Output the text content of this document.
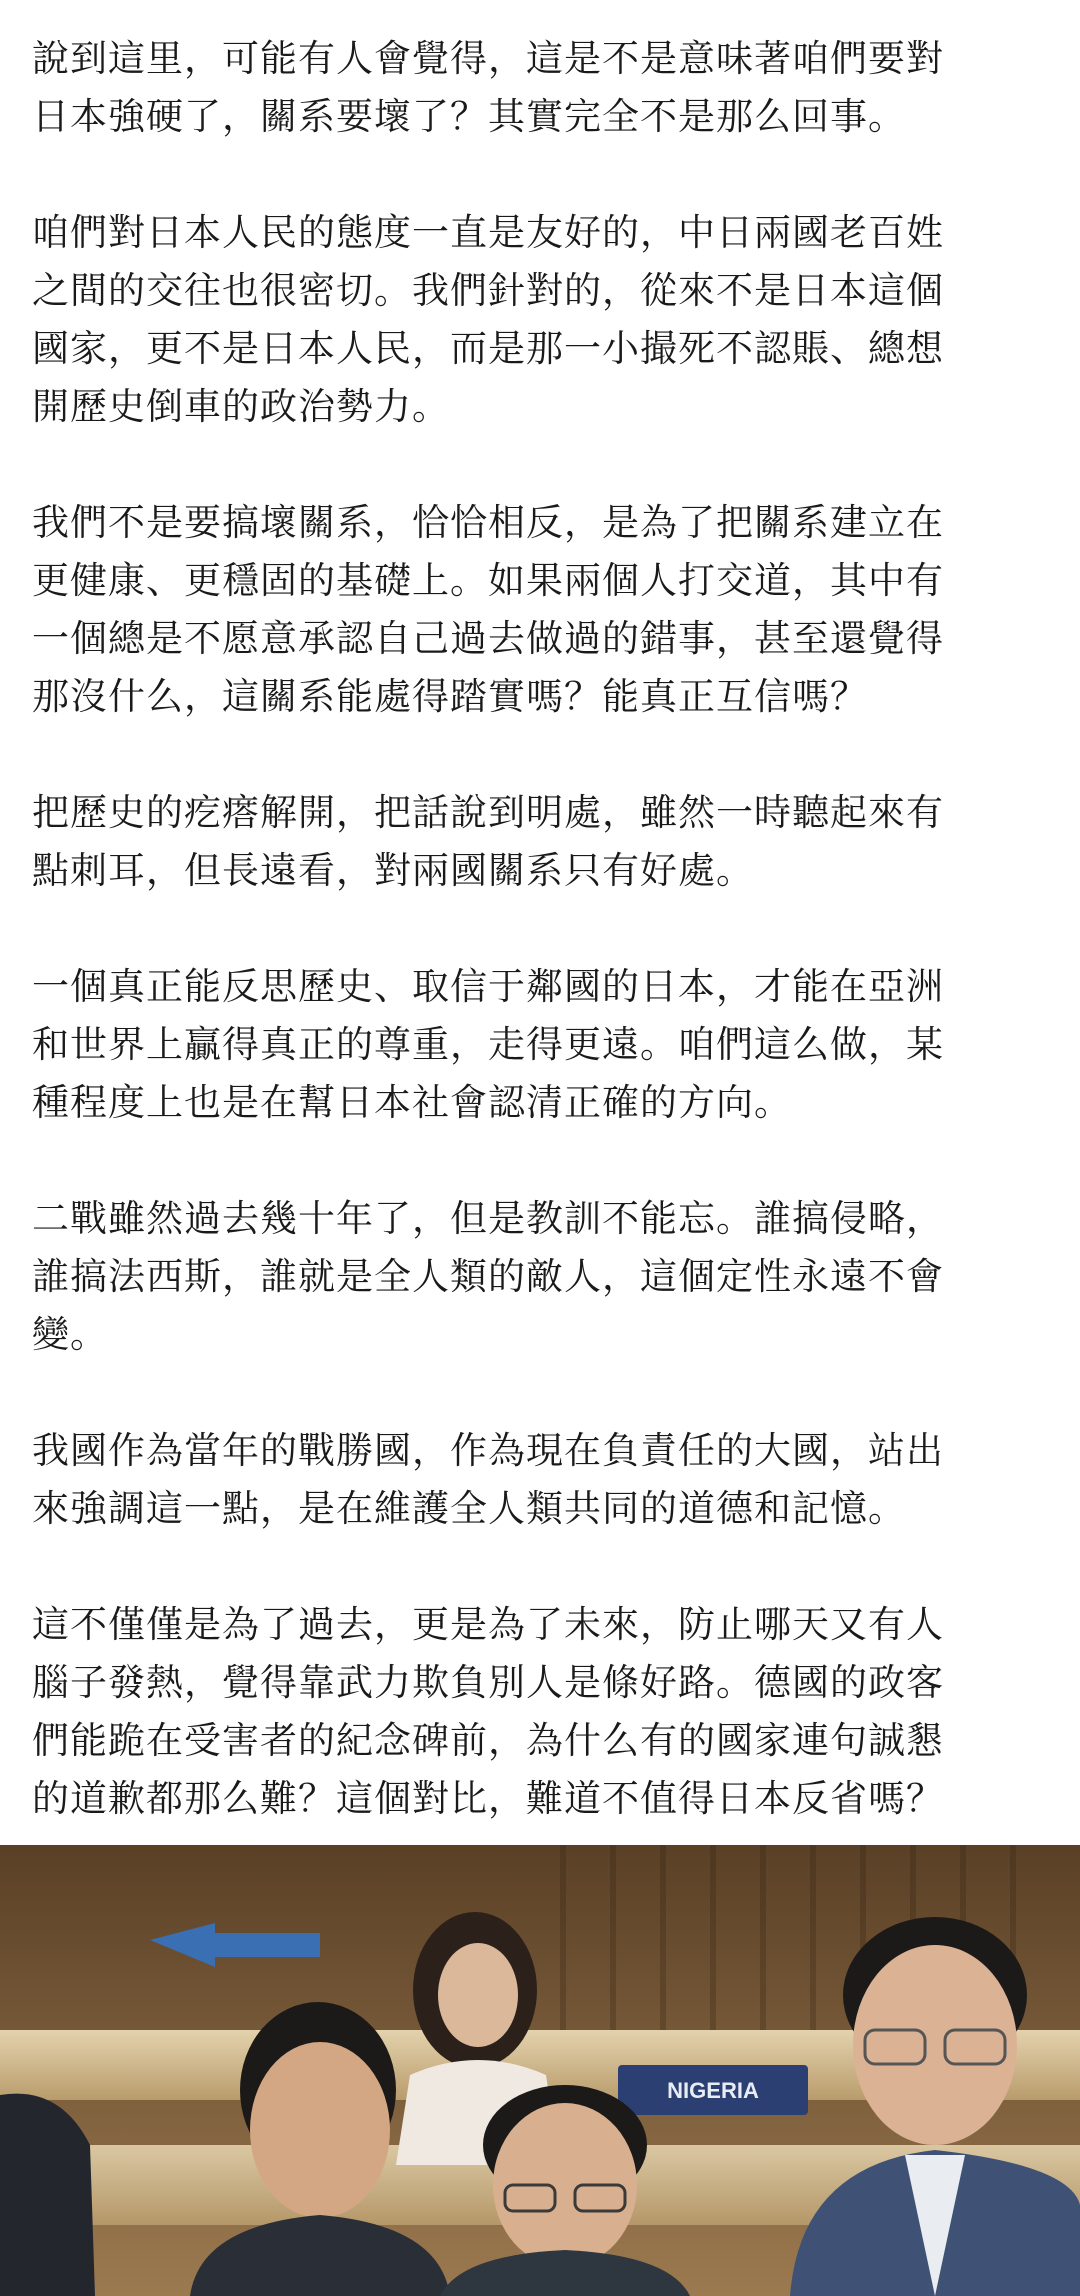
說到這里，可能有人會覺得，這是不是意味著咱們要對
日本強硬了，關系要壞了？其實完全不是那么回事。

咱們對日本人民的態度一直是友好的，中日兩國老百姓
之間的交往也很密切。我們針對的，從來不是日本這個
國家，更不是日本人民，而是那一小撮死不認賬、總想
開歷史倒車的政治勢力。

我們不是要搞壞關系，恰恰相反，是為了把關系建立在
更健康、更穩固的基礎上。如果兩個人打交道，其中有
一個總是不愿意承認自己過去做過的錯事，甚至還覺得
那沒什么，這關系能處得踏實嗎？能真正互信嗎？

把歷史的疙瘩解開，把話說到明處，雖然一時聽起來有
點刺耳，但長遠看，對兩國關系只有好處。

一個真正能反思歷史、取信于鄰國的日本，才能在亞洲
和世界上贏得真正的尊重，走得更遠。咱們這么做，某
種程度上也是在幫日本社會認清正確的方向。

二戰雖然過去幾十年了，但是教訓不能忘。誰搞侵略，
誰搞法西斯，誰就是全人類的敵人，這個定性永遠不會
變。

我國作為當年的戰勝國，作為現在負責任的大國，站出
來強調這一點，是在維護全人類共同的道德和記憶。

這不僅僅是為了過去，更是為了未來，防止哪天又有人
腦子發熱，覺得靠武力欺負別人是條好路。德國的政客
們能跪在受害者的紀念碑前，為什么有的國家連句誠懇
的道歉都那么難？這個對比，難道不值得日本反省嗎？

NIGERIA
